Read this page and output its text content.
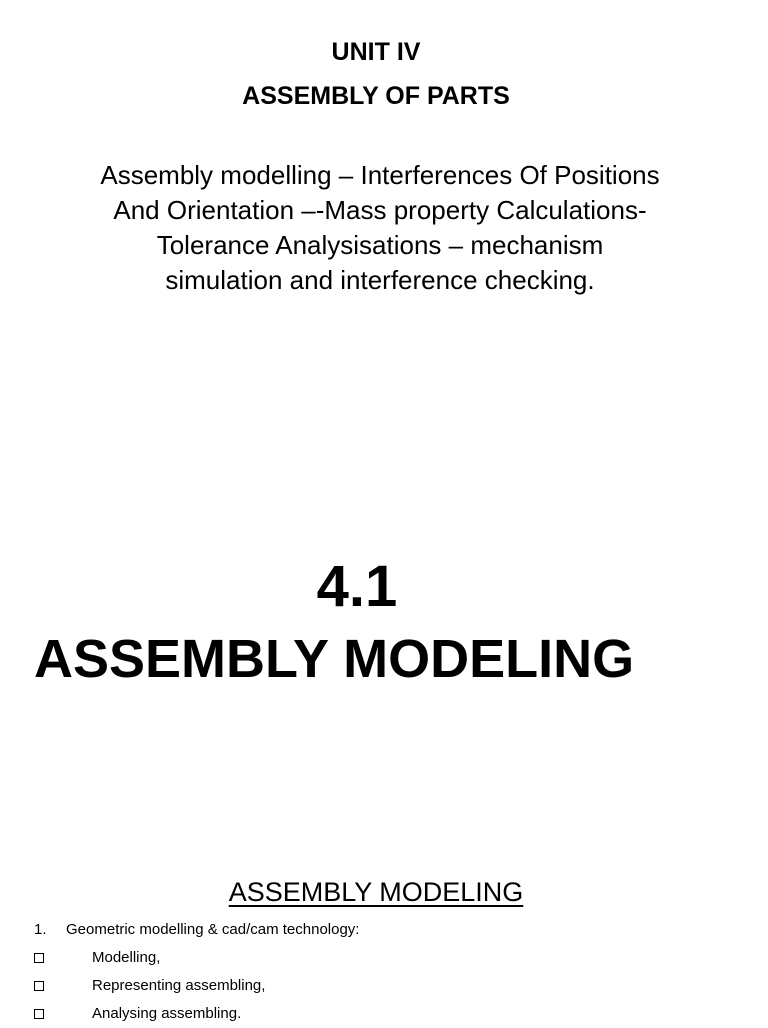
UNIT IV
ASSEMBLY OF PARTS
Assembly modelling – Interferences Of Positions
And Orientation –-Mass property Calculations-
Tolerance Analysisations – mechanism
simulation and interference checking.
4.1
ASSEMBLY MODELING
ASSEMBLY MODELING
1.	Geometric modelling & cad/cam technology:
Modelling,
Representing assembling,
Analysing assembling.
